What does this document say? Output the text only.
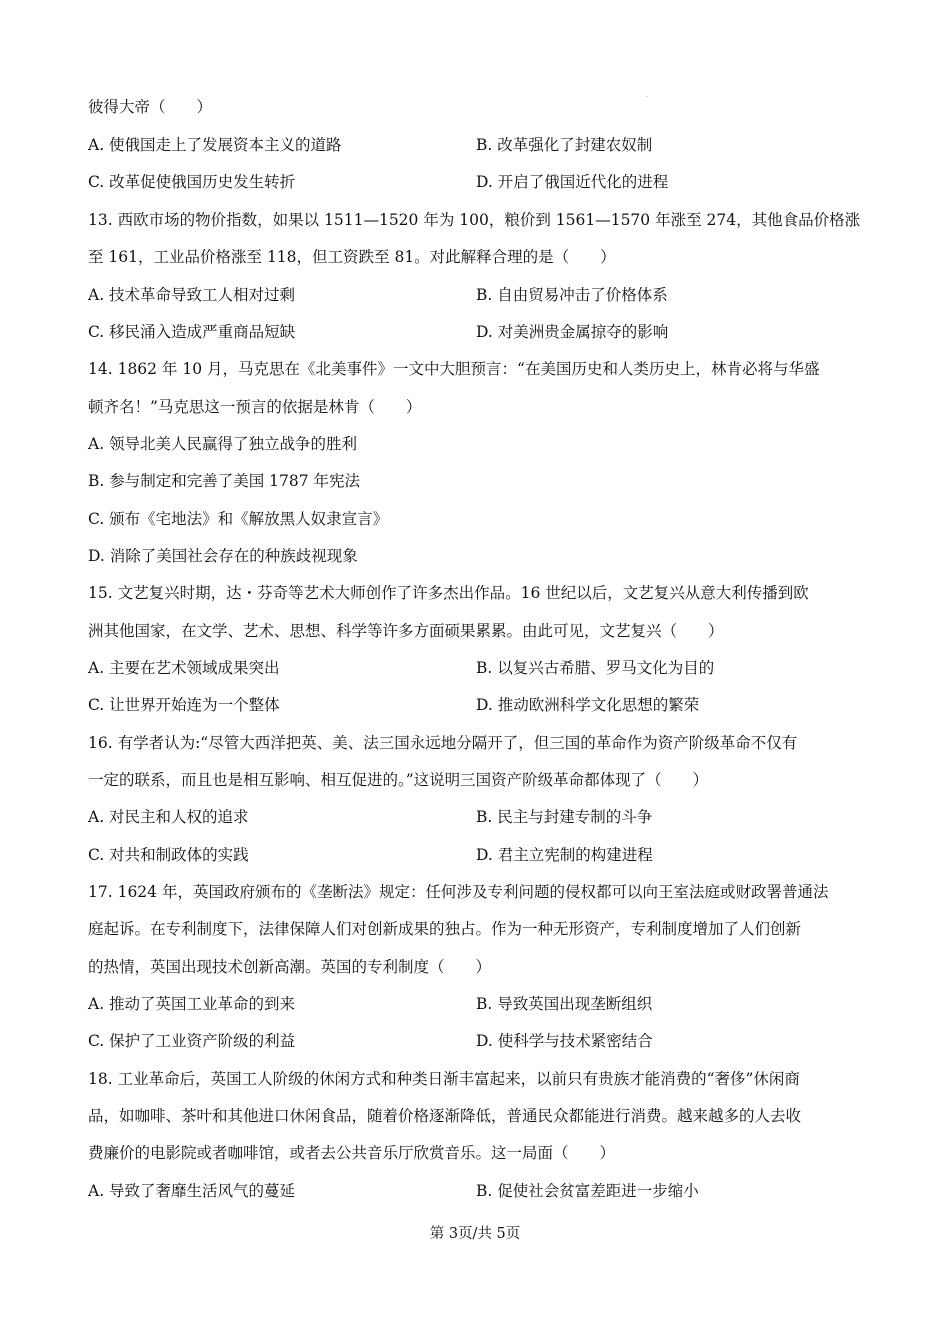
·
彼得大帝（　　）
A. 使俄国走上了发展资本主义的道路	B. 改革强化了封建农奴制
C. 改革促使俄国历史发生转折	D. 开启了俄国近代化的进程
13. 西欧市场的物价指数，如果以 1511—1520 年为 100，粮价到 1561—1570 年涨至 274，其他食品价格涨
至 161，工业品价格涨至 118，但工资跌至 81。对此解释合理的是（　　）
A. 技术革命导致工人相对过剩	B. 自由贸易冲击了价格体系
C. 移民涌入造成严重商品短缺	D. 对美洲贵金属掠夺的影响
14. 1862 年 10 月，马克思在《北美事件》一文中大胆预言：“在美国历史和人类历史上，林肯必将与华盛
顿齐名！”马克思这一预言的依据是林肯（　　）
A. 领导北美人民赢得了独立战争的胜利
B. 参与制定和完善了美国 1787 年宪法
C. 颁布《宅地法》和《解放黑人奴隶宣言》
D. 消除了美国社会存在的种族歧视现象
15. 文艺复兴时期，达・芬奇等艺术大师创作了许多杰出作品。16 世纪以后，文艺复兴从意大利传播到欧
洲其他国家，在文学、艺术、思想、科学等许多方面硕果累累。由此可见，文艺复兴（　　）
A. 主要在艺术领域成果突出	B. 以复兴古希腊、罗马文化为目的
C. 让世界开始连为一个整体	D. 推动欧洲科学文化思想的繁荣
16. 有学者认为:“尽管大西洋把英、美、法三国永远地分隔开了，但三国的革命作为资产阶级革命不仅有
一定的联系，而且也是相互影响、相互促进的。”这说明三国资产阶级革命都体现了（　　）
A. 对民主和人权的追求	B. 民主与封建专制的斗争
C. 对共和制政体的实践	D. 君主立宪制的构建进程
17. 1624 年，英国政府颁布的《垄断法》规定：任何涉及专利问题的侵权都可以向王室法庭或财政署普通法
庭起诉。在专利制度下，法律保障人们对创新成果的独占。作为一种无形资产，专利制度增加了人们创新
的热情，英国出现技术创新高潮。英国的专利制度（　　）
A. 推动了英国工业革命的到来	B. 导致英国出现垄断组织
C. 保护了工业资产阶级的利益	D. 使科学与技术紧密结合
18. 工业革命后，英国工人阶级的休闲方式和种类日渐丰富起来，以前只有贵族才能消费的“奢侈”休闲商
品，如咖啡、茶叶和其他进口休闲食品，随着价格逐渐降低，普通民众都能进行消费。越来越多的人去收
费廉价的电影院或者咖啡馆，或者去公共音乐厅欣赏音乐。这一局面（　　）
A. 导致了奢靡生活风气的蔓延	B. 促使社会贫富差距进一步缩小
第 3页/共 5页
